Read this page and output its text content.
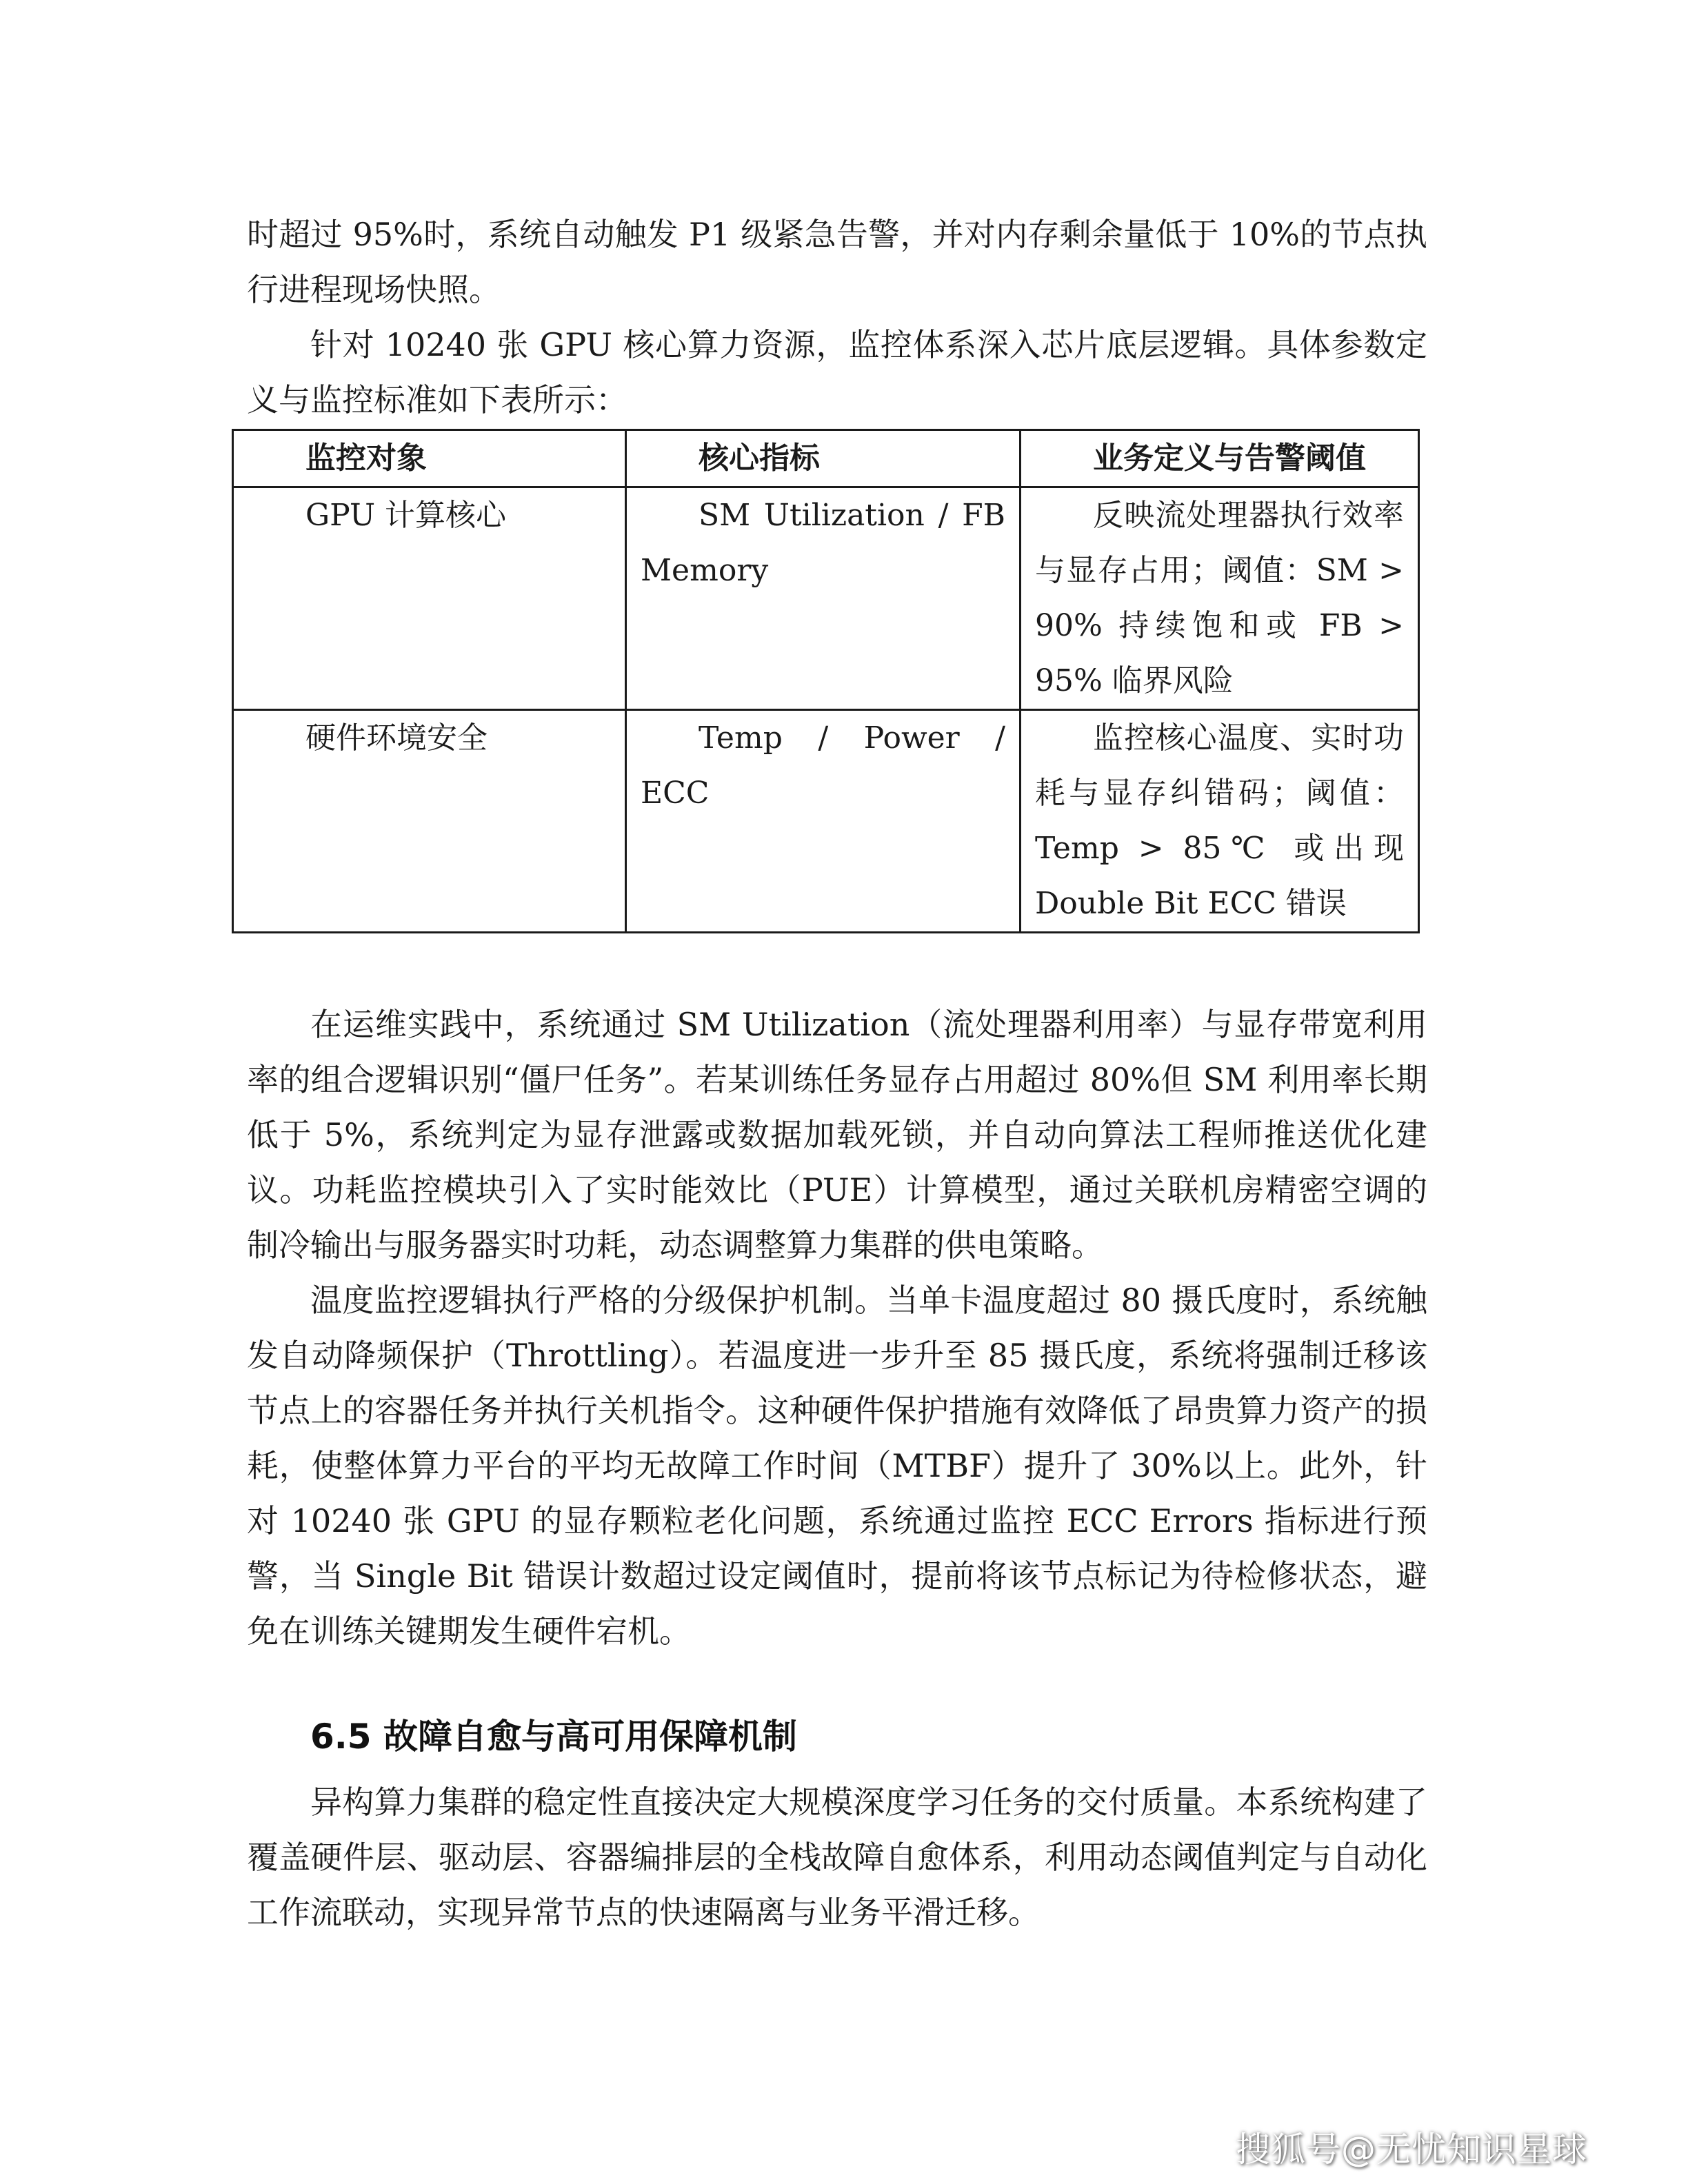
时超过 95%时，系统自动触发 P1 级紧急告警，并对内存剩余量低于 10%的节点执行进程现场快照。

针对 10240 张 GPU 核心算力资源，监控体系深入芯片底层逻辑。具体参数定义与监控标准如下表所示：

监控对象	核心指标	业务定义与告警阈值
GPU 计算核心	SM Utilization / FB Memory	反映流处理器执行效率与显存占用；阈值：SM > 90% 持续饱和或 FB > 95% 临界风险
硬件环境安全	Temp / Power / ECC	监控核心温度、实时功耗与显存纠错码；阈值：Temp > 85℃ 或出现 Double Bit ECC 错误

在运维实践中，系统通过 SM Utilization（流处理器利用率）与显存带宽利用率的组合逻辑识别“僵尸任务”。若某训练任务显存占用超过 80%但 SM 利用率长期低于 5%，系统判定为显存泄露或数据加载死锁，并自动向算法工程师推送优化建议。功耗监控模块引入了实时能效比（PUE）计算模型，通过关联机房精密空调的制冷输出与服务器实时功耗，动态调整算力集群的供电策略。

温度监控逻辑执行严格的分级保护机制。当单卡温度超过 80 摄氏度时，系统触发自动降频保护（Throttling）。若温度进一步升至 85 摄氏度，系统将强制迁移该节点上的容器任务并执行关机指令。这种硬件保护措施有效降低了昂贵算力资产的损耗，使整体算力平台的平均无故障工作时间（MTBF）提升了 30%以上。此外，针对 10240 张 GPU 的显存颗粒老化问题，系统通过监控 ECC Errors 指标进行预警，当 Single Bit 错误计数超过设定阈值时，提前将该节点标记为待检修状态，避免在训练关键期发生硬件宕机。

6.5 故障自愈与高可用保障机制

异构算力集群的稳定性直接决定大规模深度学习任务的交付质量。本系统构建了覆盖硬件层、驱动层、容器编排层的全栈故障自愈体系，利用动态阈值判定与自动化工作流联动，实现异常节点的快速隔离与业务平滑迁移。

搜狐号@无忧知识星球
